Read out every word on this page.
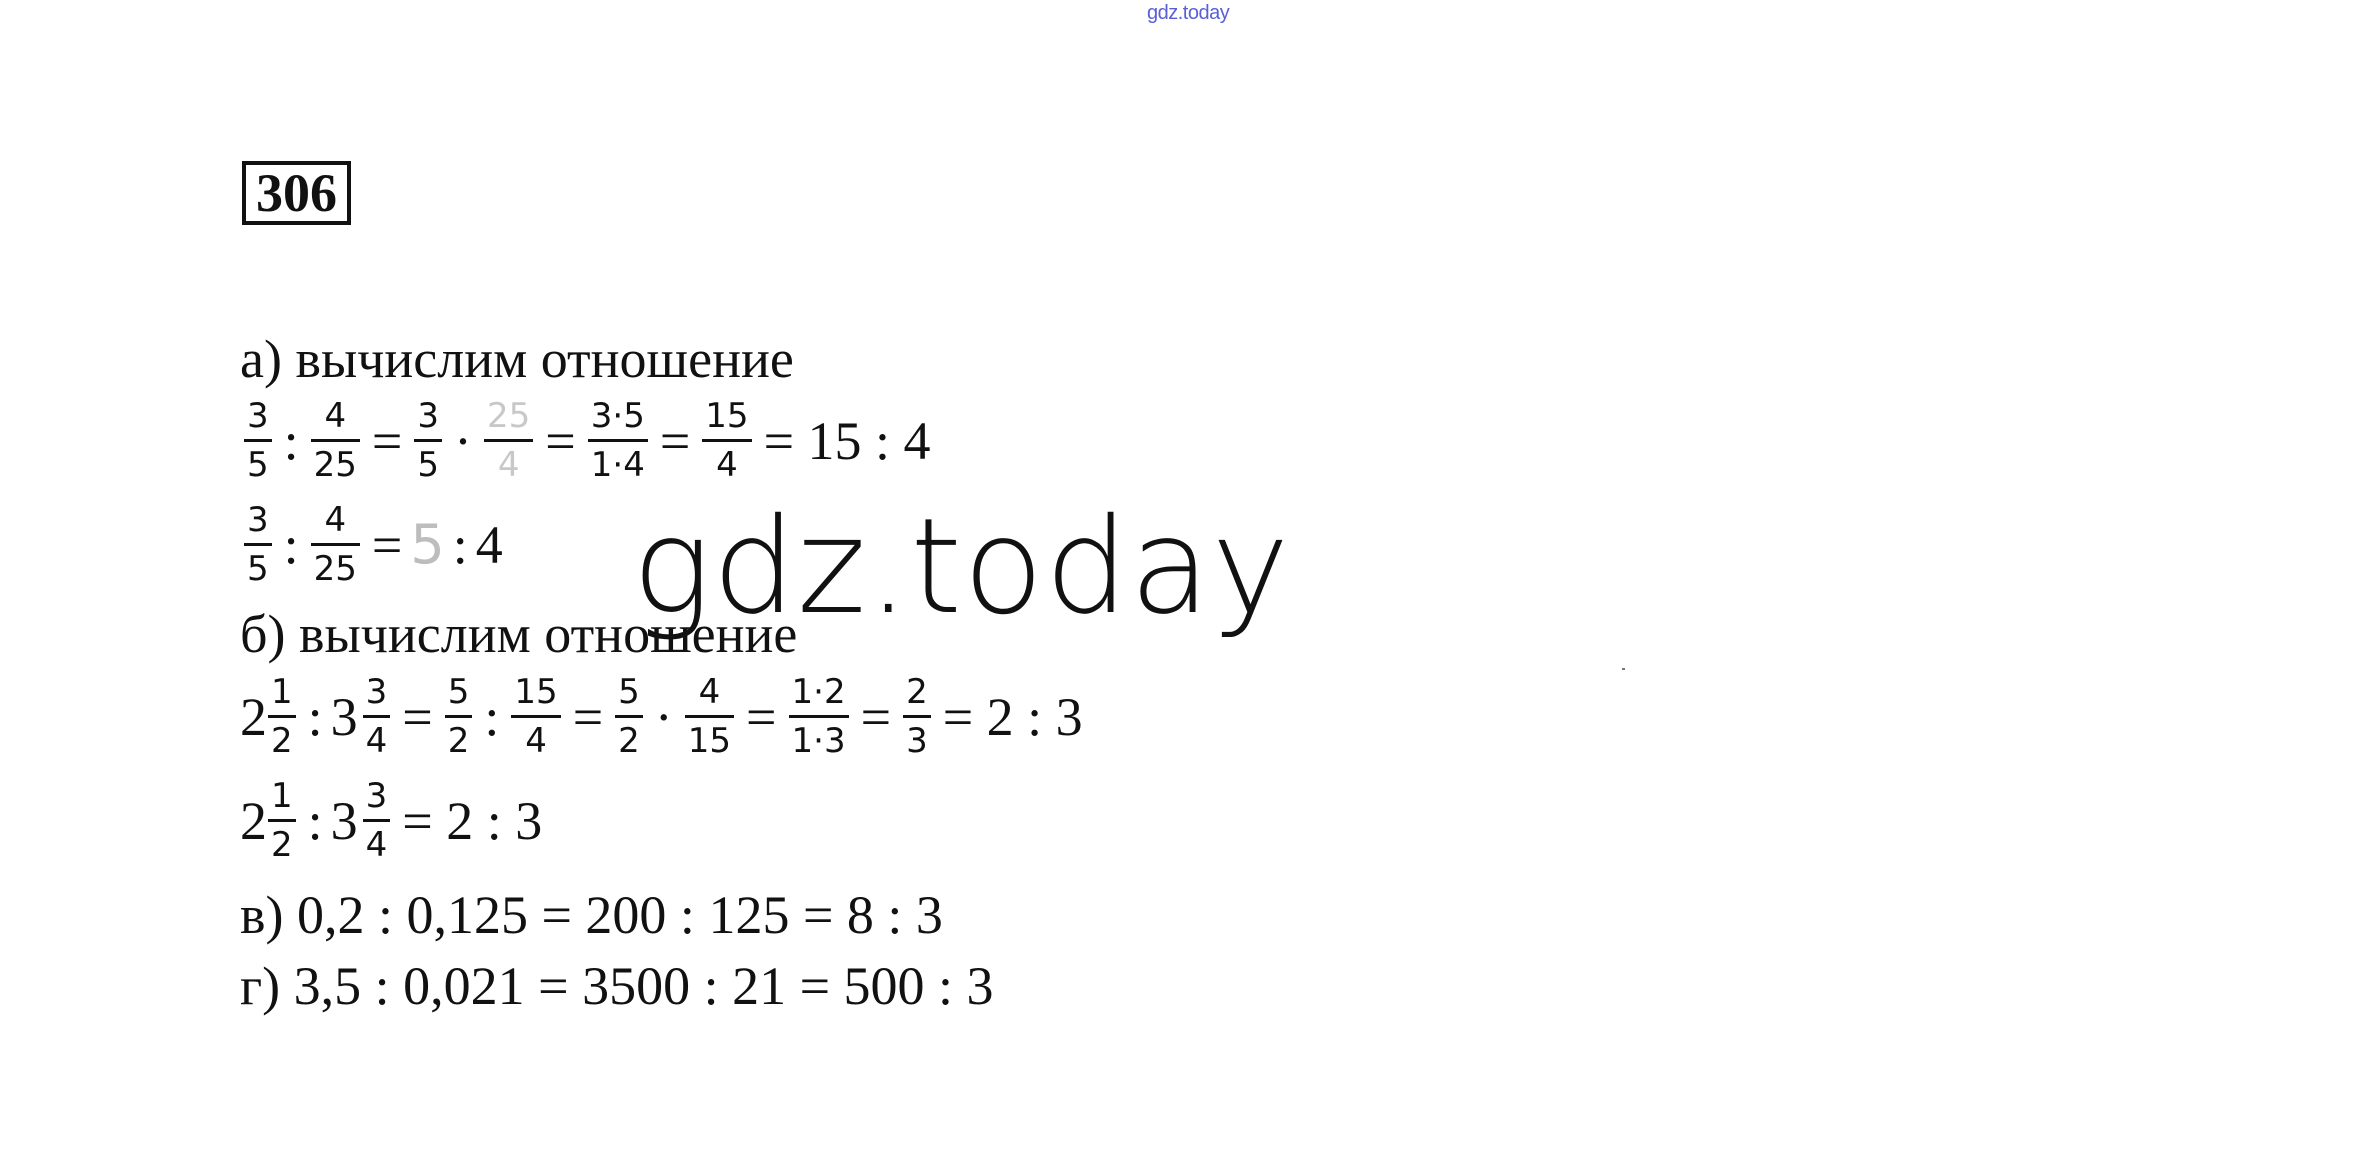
gdz.today
306
а) вычислим отношение
$\frac{3}{5}$ : $\frac{4}{25} = \frac{3}{5} \cdot \frac{25}{4} = \frac{3\cdot 5}{1\cdot 4} = \frac{15}{4} = 15$ : 4
$\frac{3}{5}$ : $\frac{4}{25} = 5$ : 4
б) вычислим отношение
$2 \frac{1}{2}$ : $3 \frac{3}{4} = \frac{5}{2}$ : $\frac{15}{4} = \frac{5}{2} \cdot \frac{4}{15} = \frac{1\cdot 2}{1\cdot 3} = \frac{2}{3} = 2$ : 3
$2 \frac{1}{2}$ : $3 \frac{3}{4} = 2$ : 3
в) 0,2 : 0,125 = 200 : 125 = 8 : 3
г) 3,5 : 0,021 = 3500 : 21 = 500 : 3
gdz.today
